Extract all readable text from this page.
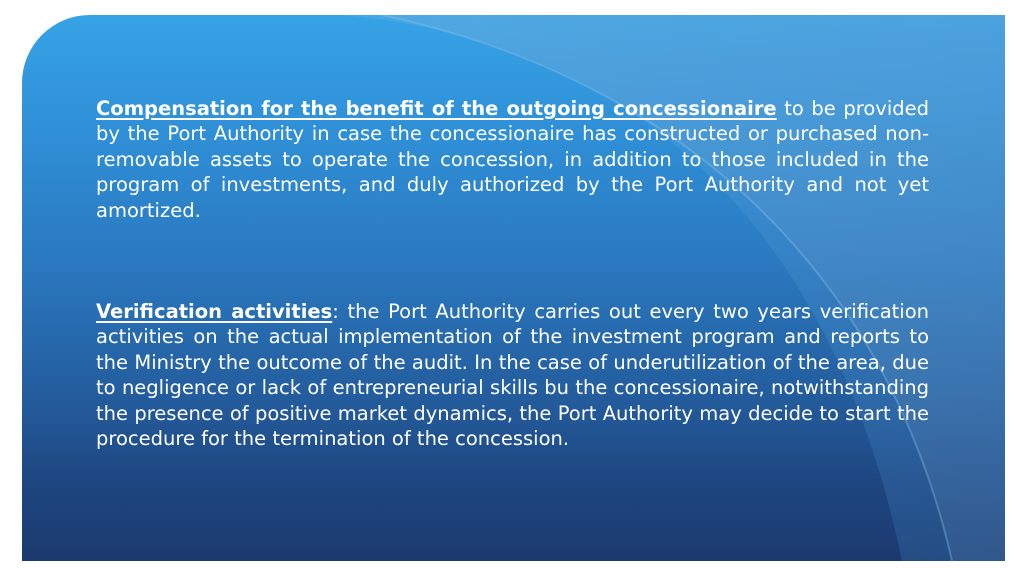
Compensation for the benefit of the outgoing concessionaire to be provided by the Port Authority in case the concessionaire has constructed or purchased non-removable assets to operate the concession, in addition to those included in the program of investments, and duly authorized by the Port Authority and not yet amortized.

Verification activities: the Port Authority carries out every two years verification activities on the actual implementation of the investment program and reports to the Ministry the outcome of the audit. In the case of underutilization of the area, due to negligence or lack of entrepreneurial skills bu the concessionaire, notwithstanding the presence of positive market dynamics, the Port Authority may decide to start the procedure for the termination of the concession.
